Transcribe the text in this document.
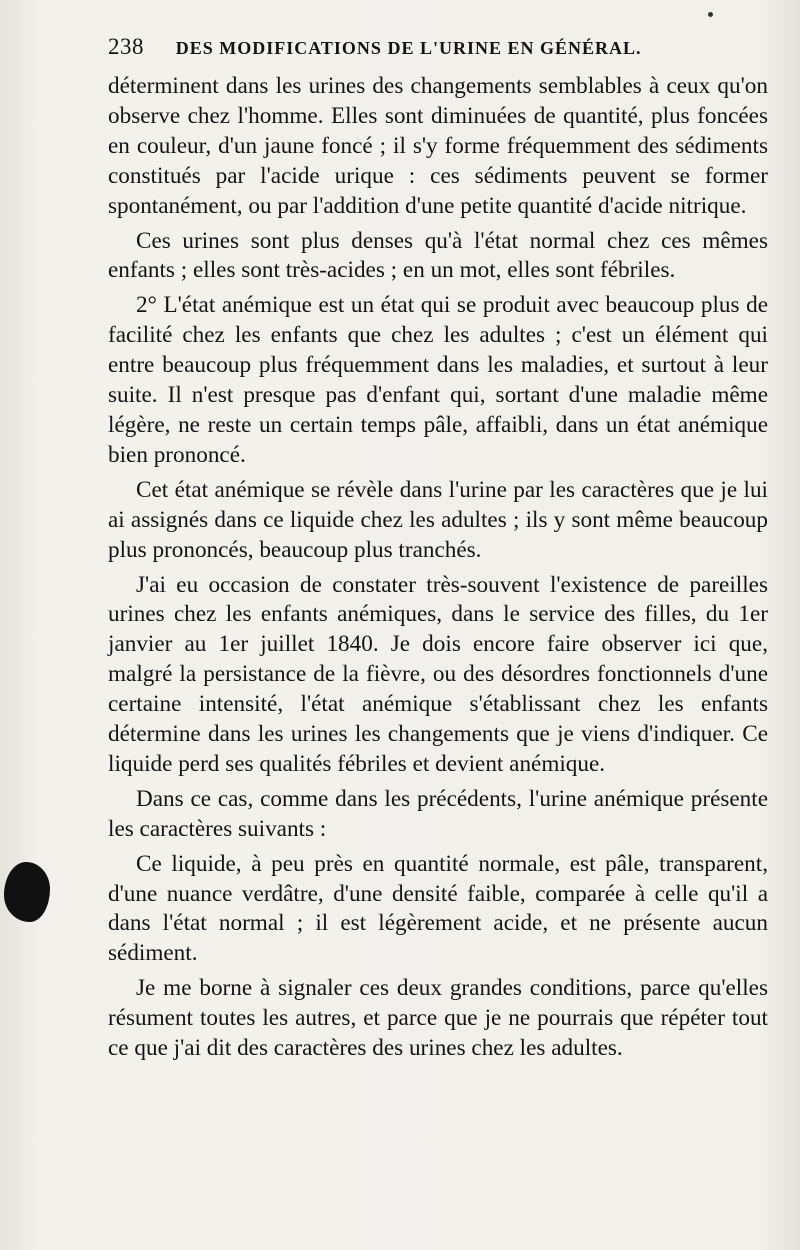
238 DES MODIFICATIONS DE L'URINE EN GÉNÉRAL.

déterminent dans les urines des changements semblables à ceux qu'on observe chez l'homme. Elles sont diminuées de quantité, plus foncées en couleur, d'un jaune foncé ; il s'y forme fréquemment des sédiments constitués par l'acide urique : ces sédiments peuvent se former spontanément, ou par l'addition d'une petite quantité d'acide nitrique.

Ces urines sont plus denses qu'à l'état normal chez ces mêmes enfants ; elles sont très-acides ; en un mot, elles sont fébriles.

2° L'état anémique est un état qui se produit avec beaucoup plus de facilité chez les enfants que chez les adultes ; c'est un élément qui entre beaucoup plus fréquemment dans les maladies, et surtout à leur suite. Il n'est presque pas d'enfant qui, sortant d'une maladie même légère, ne reste un certain temps pâle, affaibli, dans un état anémique bien prononcé.

Cet état anémique se révèle dans l'urine par les caractères que je lui ai assignés dans ce liquide chez les adultes ; ils y sont même beaucoup plus prononcés, beaucoup plus tranchés.

J'ai eu occasion de constater très-souvent l'existence de pareilles urines chez les enfants anémiques, dans le service des filles, du 1er janvier au 1er juillet 1840. Je dois encore faire observer ici que, malgré la persistance de la fièvre, ou des désordres fonctionnels d'une certaine intensité, l'état anémique s'établissant chez les enfants détermine dans les urines les changements que je viens d'indiquer. Ce liquide perd ses qualités fébriles et devient anémique.

Dans ce cas, comme dans les précédents, l'urine anémique présente les caractères suivants :

Ce liquide, à peu près en quantité normale, est pâle, transparent, d'une nuance verdâtre, d'une densité faible, comparée à celle qu'il a dans l'état normal ; il est légèrement acide, et ne présente aucun sédiment.

Je me borne à signaler ces deux grandes conditions, parce qu'elles résument toutes les autres, et parce que je ne pourrais que répéter tout ce que j'ai dit des caractères des urines chez les adultes.
